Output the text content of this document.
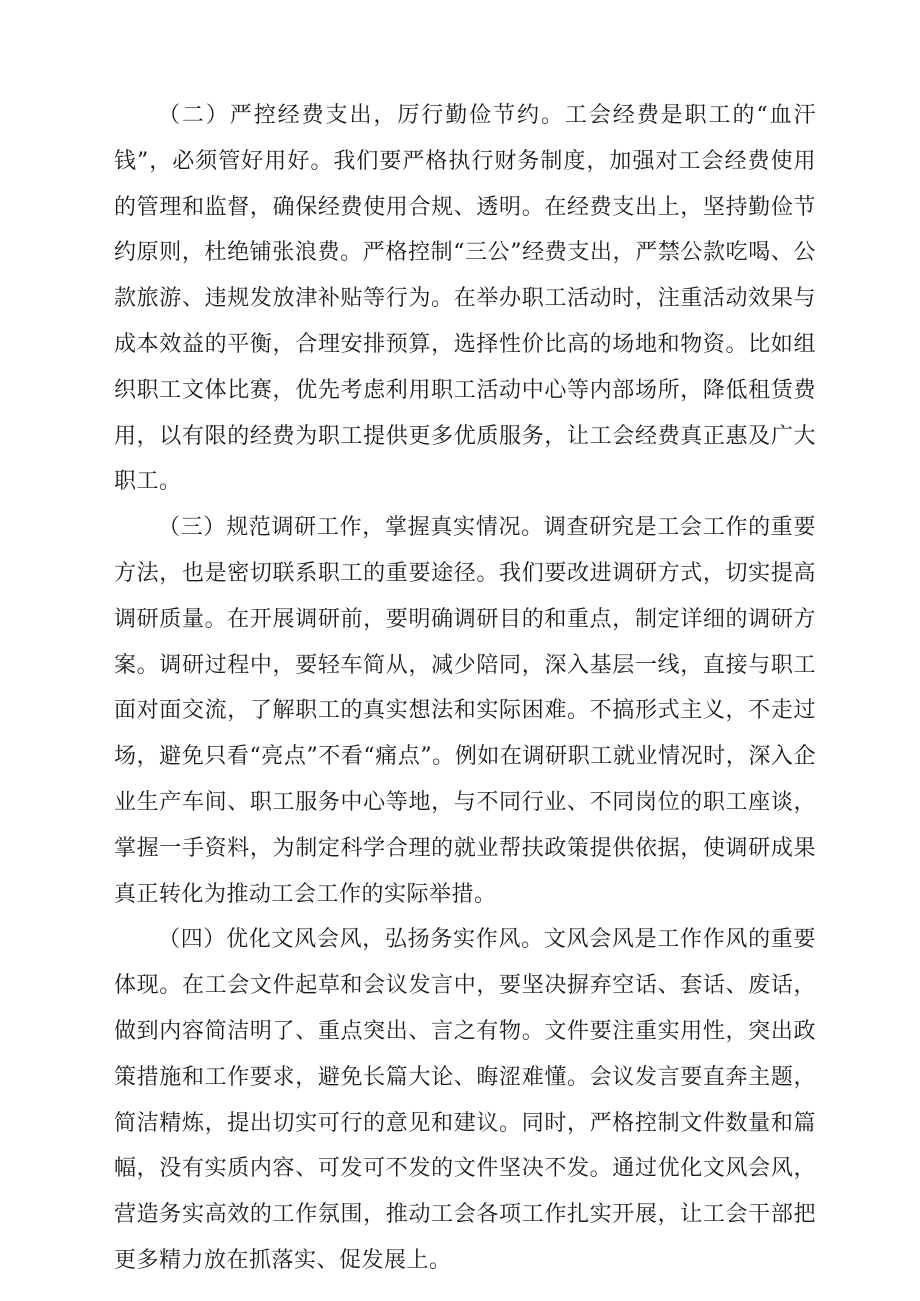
（二）严控经费支出，厉行勤俭节约。工会经费是职工的“血汗钱”，必须管好用好。我们要严格执行财务制度，加强对工会经费使用的管理和监督，确保经费使用合规、透明。在经费支出上，坚持勤俭节约原则，杜绝铺张浪费。严格控制“三公”经费支出，严禁公款吃喝、公款旅游、违规发放津补贴等行为。在举办职工活动时，注重活动效果与成本效益的平衡，合理安排预算，选择性价比高的场地和物资。比如组织职工文体比赛，优先考虑利用职工活动中心等内部场所，降低租赁费用，以有限的经费为职工提供更多优质服务，让工会经费真正惠及广大职工。

（三）规范调研工作，掌握真实情况。调查研究是工会工作的重要方法，也是密切联系职工的重要途径。我们要改进调研方式，切实提高调研质量。在开展调研前，要明确调研目的和重点，制定详细的调研方案。调研过程中，要轻车简从，减少陪同，深入基层一线，直接与职工面对面交流，了解职工的真实想法和实际困难。不搞形式主义，不走过场，避免只看“亮点”不看“痛点”。例如在调研职工就业情况时，深入企业生产车间、职工服务中心等地，与不同行业、不同岗位的职工座谈，掌握一手资料，为制定科学合理的就业帮扶政策提供依据，使调研成果真正转化为推动工会工作的实际举措。

（四）优化文风会风，弘扬务实作风。文风会风是工作作风的重要体现。在工会文件起草和会议发言中，要坚决摒弃空话、套话、废话，做到内容简洁明了、重点突出、言之有物。文件要注重实用性，突出政策措施和工作要求，避免长篇大论、晦涩难懂。会议发言要直奔主题，简洁精炼，提出切实可行的意见和建议。同时，严格控制文件数量和篇幅，没有实质内容、可发可不发的文件坚决不发。通过优化文风会风，营造务实高效的工作氛围，推动工会各项工作扎实开展，让工会干部把更多精力放在抓落实、促发展上。
